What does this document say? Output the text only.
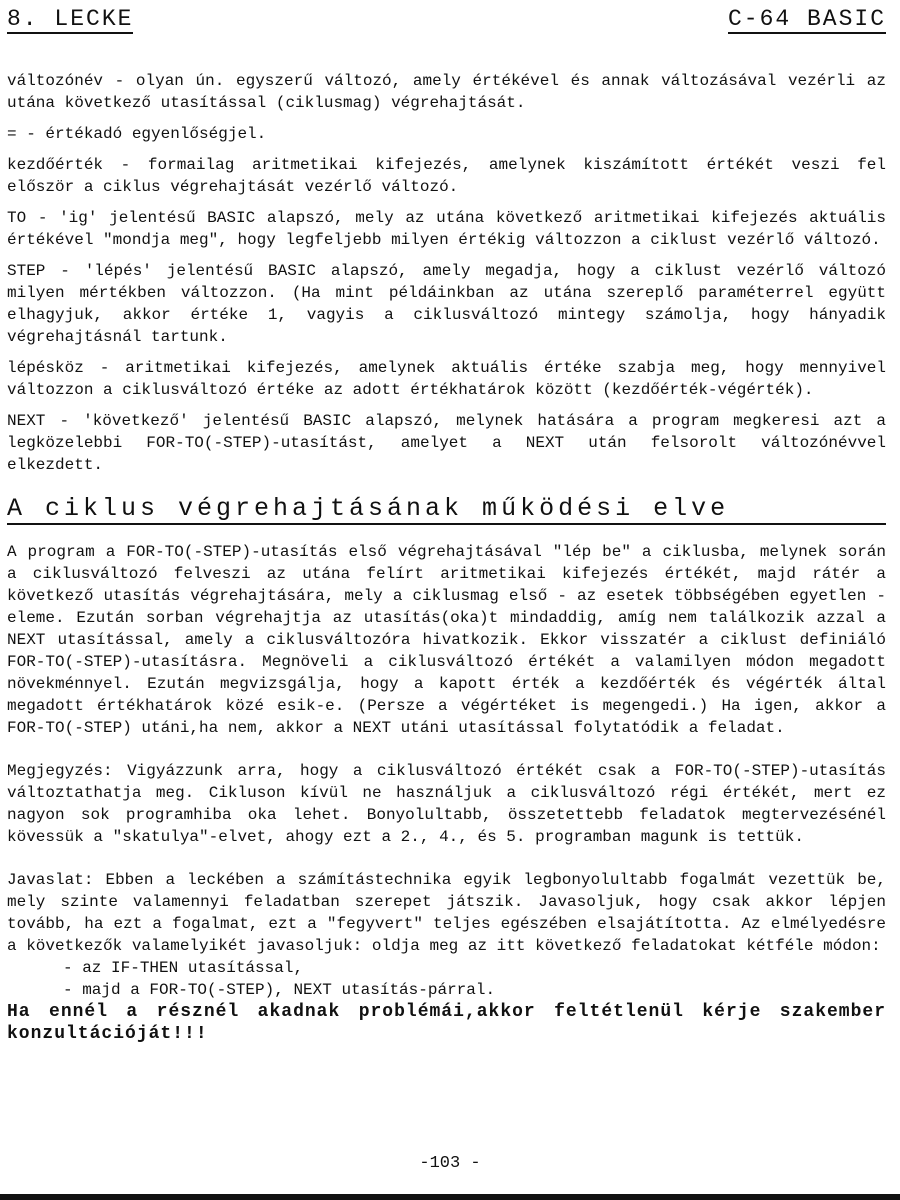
8. LECKE	C-64 BASIC

változónév - olyan ún. egyszerű változó, amely értékével és annak változásával vezérli az utána következő utasítással (ciklusmag) végrehajtását.

= - értékadó egyenlőségjel.

kezdőérték - formailag aritmetikai kifejezés, amelynek kiszámított értékét veszi fel először a ciklus végrehajtását vezérlő változó.

TO - 'ig' jelentésű BASIC alapszó, mely az utána következő aritmetikai kifejezés aktuális értékével "mondja meg", hogy legfeljebb milyen értékig változzon a ciklust vezérlő változó.

STEP - 'lépés' jelentésű BASIC alapszó, amely megadja, hogy a ciklust vezérlő változó milyen mértékben változzon. (Ha mint példáinkban az utána szereplő paraméterrel együtt elhagyjuk, akkor értéke 1, vagyis a ciklusváltozó mintegy számolja, hogy hányadik végrehajtásnál tartunk.

lépésköz - aritmetikai kifejezés, amelynek aktuális értéke szabja meg, hogy mennyivel változzon a ciklusváltozó értéke az adott értékhatárok között (kezdőérték-végérték).

NEXT - 'következő' jelentésű BASIC alapszó, melynek hatására a program megkeresi azt a legközelebbi FOR-TO(-STEP)-utasítást, amelyet a NEXT után felsorolt változónévvel elkezdett.

A ciklus végrehajtásának működési elve

A program a FOR-TO(-STEP)-utasítás első végrehajtásával "lép be" a ciklusba, melynek során a ciklusváltozó felveszi az utána felírt aritmetikai kifejezés értékét, majd rátér a következő utasítás végrehajtására, mely a ciklusmag első - az esetek többségében egyetlen - eleme. Ezután sorban végrehajtja az utasítás(oka)t mindaddig, amíg nem találkozik azzal a NEXT utasítással, amely a ciklusváltozóra hivatkozik. Ekkor visszatér a ciklust definiáló FOR-TO(-STEP)-utasításra. Megnöveli a ciklusváltozó értékét a valamilyen módon megadott növekménnyel. Ezután megvizsgálja, hogy a kapott érték a kezdőérték és végérték által megadott értékhatárok közé esik-e. (Persze a végértéket is megengedi.) Ha igen, akkor a FOR-TO(-STEP) utáni,ha nem, akkor a NEXT utáni utasítással folytatódik a feladat.

Megjegyzés: Vigyázzunk arra, hogy a ciklusváltozó értékét csak a FOR-TO(-STEP)-utasítás változtathatja meg. Cikluson kívül ne használjuk a ciklusváltozó régi értékét, mert ez nagyon sok programhiba oka lehet. Bonyolultabb, összetettebb feladatok megtervezésénél kövessük a "skatulya"-elvet, ahogy ezt a 2., 4., és 5. programban magunk is tettük.

Javaslat: Ebben a leckében a számítástechnika egyik legbonyolultabb fogalmát vezettük be, mely szinte valamennyi feladatban szerepet játszik. Javasoljuk, hogy csak akkor lépjen tovább, ha ezt a fogalmat, ezt a "fegyvert" teljes egészében elsajátította. Az elmélyedésre a következők valamelyikét javasoljuk: oldja meg az itt következő feladatokat kétféle módon:

- az IF-THEN utasítással,

- majd a FOR-TO(-STEP), NEXT utasítás-párral.

Ha ennél a résznél akadnak problémái,akkor feltétlenül kérje szakember konzultációját!!!

-103 -
